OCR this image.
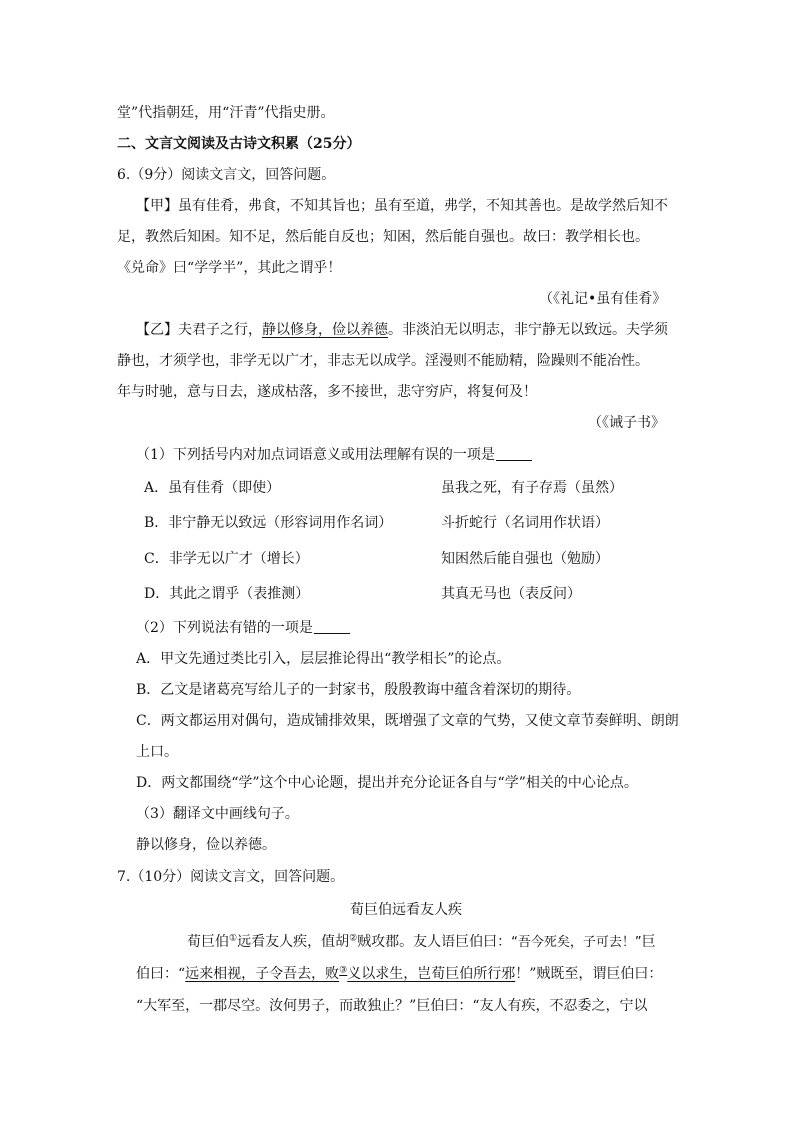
堂”代指朝廷，用“汗青”代指史册。
二、文言文阅读及古诗文积累（25分）
6.（9分）阅读文言文，回答问题。
【甲】虽有佳肴，弗食，不知其旨也；虽有至道，弗学，不知其善也。是故学然后知不
足，教然后知困。知不足，然后能自反也；知困，然后能自强也。故曰：教学相长也。
《兑命》曰“学学半”，其此之谓乎！
（《礼记•虽有佳肴》
【乙】夫君子之行，静以修身，俭以养德。非淡泊无以明志，非宁静无以致远。夫学须
静也，才须学也，非学无以广才，非志无以成学。淫漫则不能励精，险躁则不能冶性。
年与时驰，意与日去，遂成枯落，多不接世，悲守穷庐，将复何及！
（《诫子书》
（1）下列括号内对加点词语意义或用法理解有误的一项是
A．虽有佳肴（即使）	虽我之死，有子存焉（虽然）
B．非宁静无以致远（形容词用作名词）	斗折蛇行（名词用作状语）
C．非学无以广才（增长）	知困然后能自强也（勉励）
D．其此之谓乎（表推测）	其真无马也（表反问）
（2）下列说法有错的一项是
A．甲文先通过类比引入，层层推论得出“教学相长”的论点。
B．乙文是诸葛亮写给儿子的一封家书，殷殷教诲中蕴含着深切的期待。
C．两文都运用对偶句，造成铺排效果，既增强了文章的气势，又使文章节奏鲜明、朗朗
上口。
D．两文都围绕“学”这个中心论题，提出并充分论证各自与“学”相关的中心论点。
（3）翻译文中画线句子。
静以修身，俭以养德。
7.（10分）阅读文言文，回答问题。
荀巨伯远看友人疾
荀巨伯①远看友人疾，值胡②贼攻郡。友人语巨伯曰：“吾今死矣，子可去！”巨
伯曰：“远来相视，子令吾去，败③义以求生，岂荀巨伯所行邪！”贼既至，谓巨伯曰：
“大军至，一郡尽空。汝何男子，而敢独止？”巨伯曰：“友人有疾，不忍委之，宁以
